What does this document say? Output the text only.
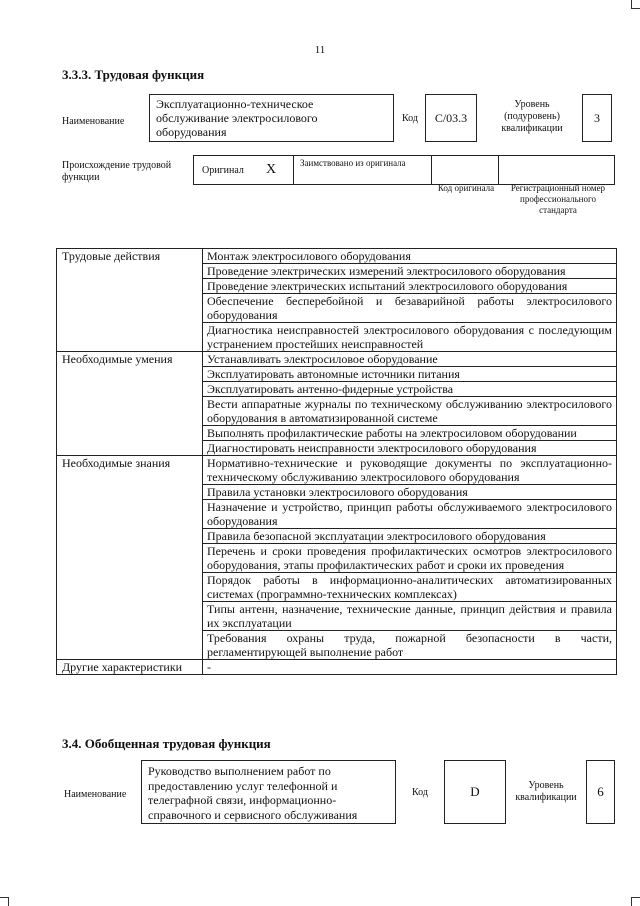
11
3.3.3. Трудовая функция
Наименование
Эксплуатационно-техническое обслуживание электросилового оборудования
Код	C/03.3
Уровень (подуровень) квалификации
3
Происхождение трудовой функции
Оригинал X	Заимствовано из оригинала
Код оригинала	Регистрационный номер профессионального стандарта
Трудовые действия	Монтаж электросилового оборудования
	Проведение электрических измерений электросилового оборудования
	Проведение электрических испытаний электросилового оборудования
	Обеспечение бесперебойной и безаварийной работы электросилового оборудования
	Диагностика неисправностей электросилового оборудования с последующим устранением простейших неисправностей
Необходимые умения	Устанавливать электросиловое оборудование
	Эксплуатировать автономные источники питания
	Эксплуатировать антенно-фидерные устройства
	Вести аппаратные журналы по техническому обслуживанию электросилового оборудования в автоматизированной системе
	Выполнять профилактические работы на электросиловом оборудовании
	Диагностировать неисправности электросилового оборудования
Необходимые знания	Нормативно-технические и руководящие документы по эксплуатационно-техническому обслуживанию электросилового оборудования
	Правила установки электросилового оборудования
	Назначение и устройство, принцип работы обслуживаемого электросилового оборудования
	Правила безопасной эксплуатации электросилового оборудования
	Перечень и сроки проведения профилактических осмотров электросилового оборудования, этапы профилактических работ и сроки их проведения
	Порядок работы в информационно-аналитических автоматизированных системах (программно-технических комплексах)
	Типы антенн, назначение, технические данные, принцип действия и правила их эксплуатации
	Требования охраны труда, пожарной безопасности в части, регламентирующей выполнение работ
Другие характеристики	-
3.4. Обобщенная трудовая функция
Наименование
Руководство выполнением работ по предоставлению услуг телефонной и телеграфной связи, информационно-справочного и сервисного обслуживания
Код	D	Уровень квалификации	6
